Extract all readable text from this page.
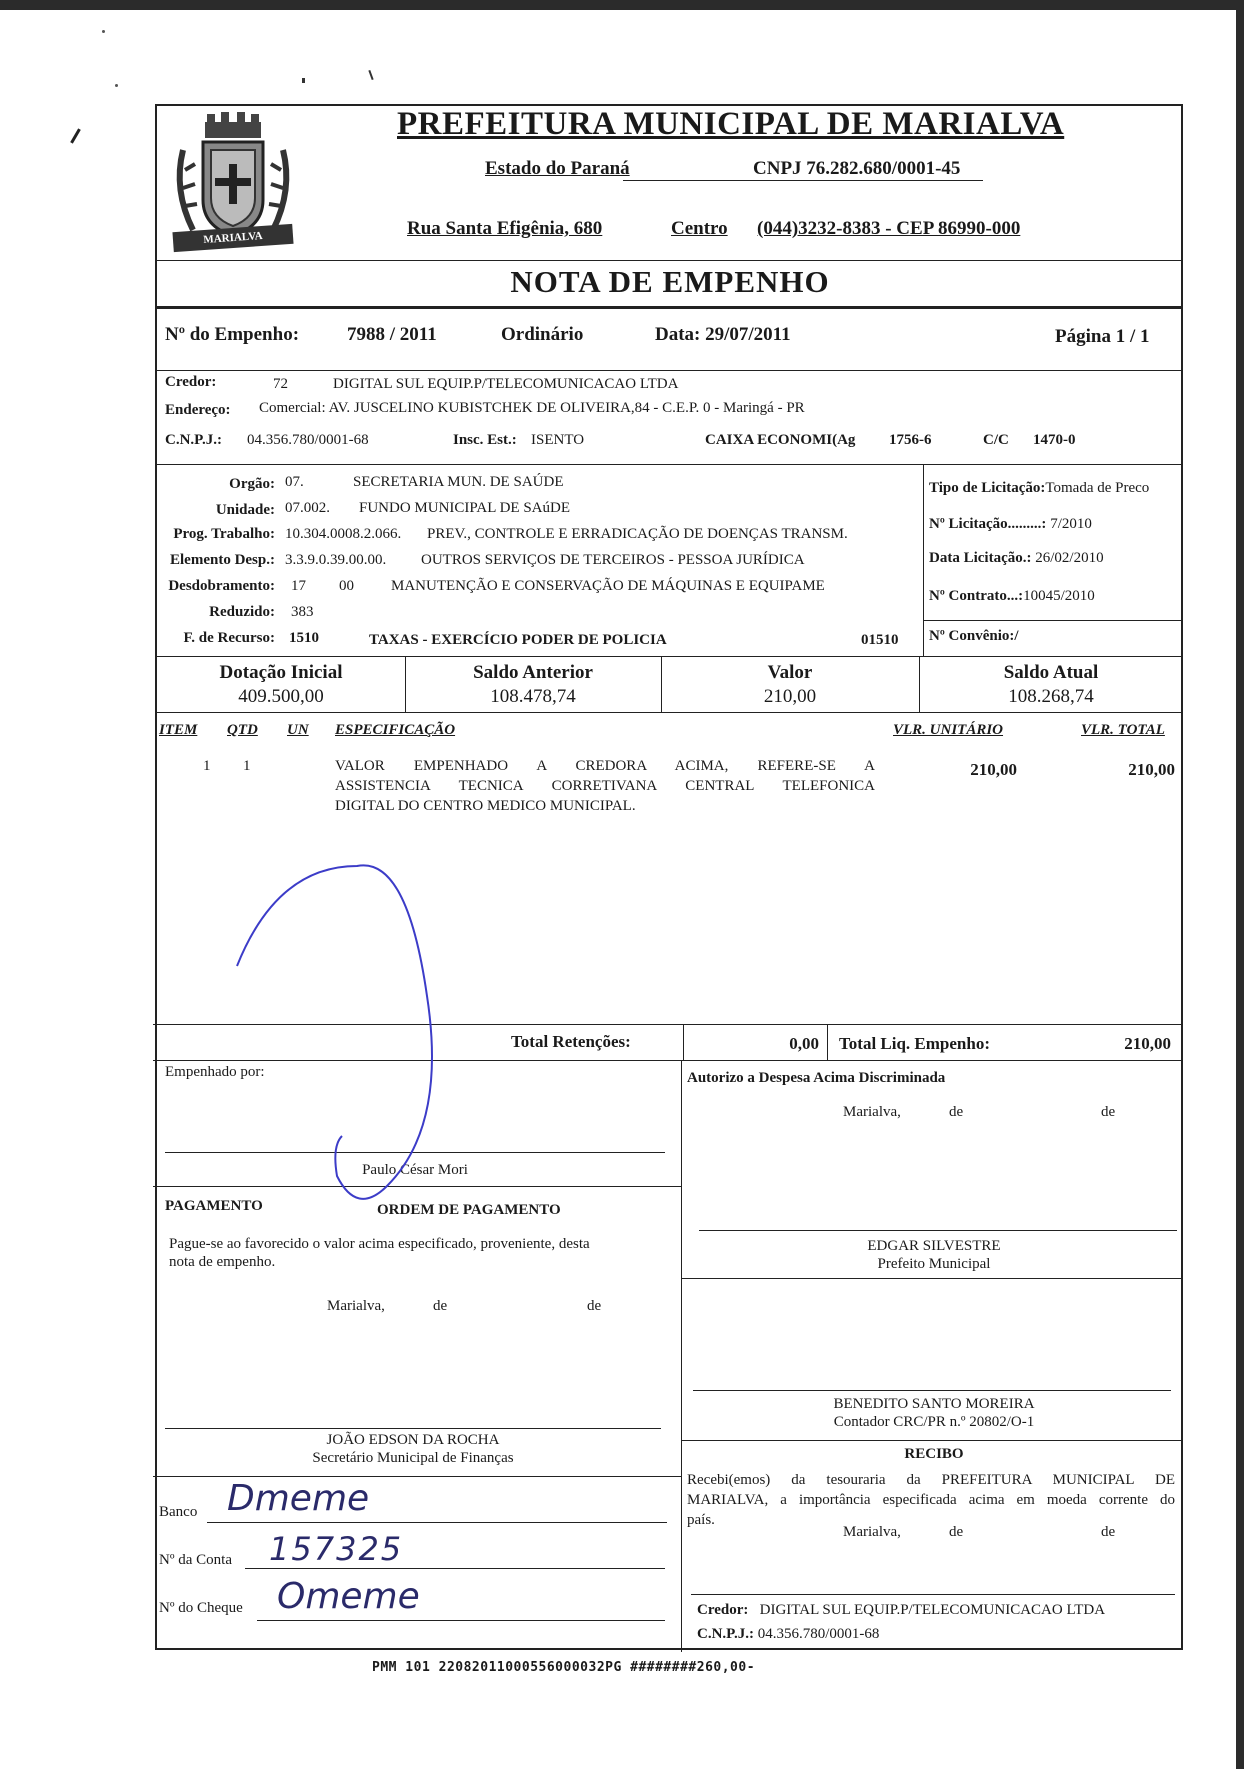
MARIALVA
PREFEITURA MUNICIPAL DE MARIALVA
Estado do Paraná	CNPJ 76.282.680/0001-45
Rua Santa Efigênia, 680	Centro (044)3232-8383 - CEP 86990-000
NOTA DE EMPENHO
Nº do Empenho:	7988 / 2011	Ordinário	Data: 29/07/2011	Página 1 / 1
Credor:	72	DIGITAL SUL EQUIP.P/TELECOMUNICACAO LTDA
Endereço: Comercial: AV. JUSCELINO KUBISTCHEK DE OLIVEIRA,84 - C.E.P. 0 - Maringá - PR
C.N.P.J.: 04.356.780/0001-68	Insc. Est.: ISENTO	CAIXA ECONOMI(Ag 1756-6	C/C 1470-0
Orgão: 07.	SECRETARIA MUN. DE SAÚDE
Unidade: 07.002. FUNDO MUNICIPAL DE SAúDE
Prog. Trabalho: 10.304.0008.2.066. PREV., CONTROLE E ERRADICAÇÃO DE DOENÇAS TRANSM.
Elemento Desp.: 3.3.9.0.39.00.00. OUTROS SERVIÇOS DE TERCEIROS - PESSOA JURÍDICA
Desdobramento: 17 00 MANUTENÇÃO E CONSERVAÇÃO DE MÁQUINAS E EQUIPAME
Reduzido: 383
F. de Recurso: 1510	TAXAS - EXERCÍCIO PODER DE POLICIA	01510
Tipo de Licitação:Tomada de Preco
Nº Licitação.........: 7/2010
Data Licitação.: 26/02/2010
Nº Contrato...:10045/2010
Nº Convênio:/
Dotação Inicial
409.500,00
Saldo Anterior
108.478,74
Valor
210,00
Saldo Atual
108.268,74
ITEM QTD UN ESPECIFICAÇÃO	VLR. UNITÁRIO	VLR. TOTAL
1 1	VALOR EMPENHADO A CREDORA ACIMA, REFERE-SE A
ASSISTENCIA TECNICA CORRETIVANA CENTRAL TELEFONICA
DIGITAL DO CENTRO MEDICO MUNICIPAL.
210,00	210,00
Total Retenções:	0,00 Total Liq. Empenho:	210,00
Empenhado por:
Paulo César Mori
Autorizo a Despesa Acima Discriminada
Marialva,	de	de
EDGAR SILVESTRE
Prefeito Municipal
PAGAMENTO	ORDEM DE PAGAMENTO
Pague-se ao favorecido o valor acima especificado, proveniente, desta
nota de empenho.
Marialva,	de	de
JOÃO EDSON DA ROCHA
Secretário Municipal de Finanças
Banco Dmeme
Nº da Conta 157325
Nº do Cheque Omeme
BENEDITO SANTO MOREIRA
Contador CRC/PR n.º 20802/O-1
RECIBO
Recebi(emos) da tesouraria da PREFEITURA MUNICIPAL DE
MARIALVA, a importância especificada acima em moeda corrente do
país.
Marialva,	de	de
Credor: DIGITAL SUL EQUIP.P/TELECOMUNICACAO LTDA
C.N.P.J.: 04.356.780/0001-68
PMM 101 22082011000556000032PG ########260,00-
